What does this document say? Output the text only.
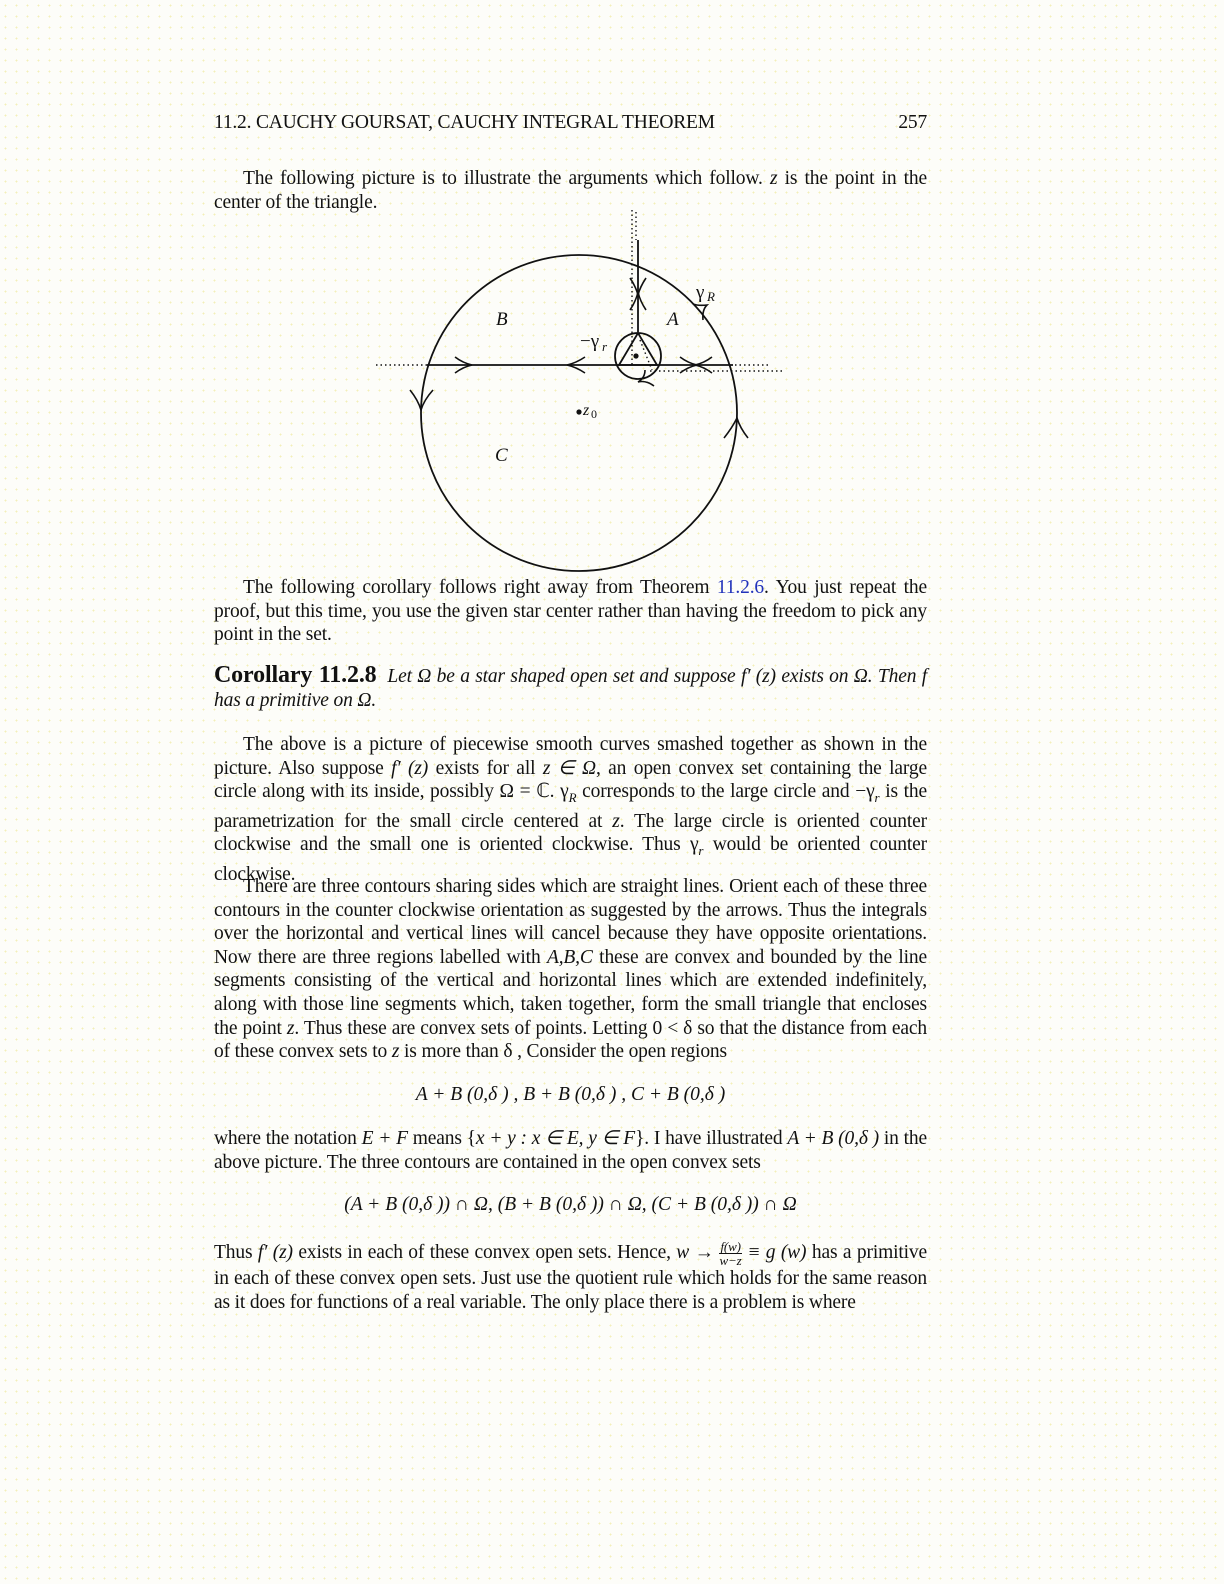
11.2. CAUCHY GOURSAT, CAUCHY INTEGRAL THEOREM	257
The following picture is to illustrate the arguments which follow. z is the point in the center of the triangle.
B	A
C
γ R
−γ r
z 0
The following corollary follows right away from Theorem 11.2.6. You just repeat the proof, but this time, you use the given star center rather than having the freedom to pick any point in the set.
Corollary 11.2.8 Let Ω be a star shaped open set and suppose f′ (z) exists on Ω. Then f has a primitive on Ω.
The above is a picture of piecewise smooth curves smashed together as shown in the picture. Also suppose f′ (z) exists for all z ∈ Ω, an open convex set containing the large circle along with its inside, possibly Ω = ℂ. $\gamma_R$ corresponds to the large circle and $-\gamma_r$ is the parametrization for the small circle centered at z. The large circle is oriented counter clockwise and the small one is oriented clockwise. Thus $\gamma_r$ would be oriented counter clockwise.
There are three contours sharing sides which are straight lines. Orient each of these three contours in the counter clockwise orientation as suggested by the arrows. Thus the integrals over the horizontal and vertical lines will cancel because they have opposite orientations. Now there are three regions labelled with A,B,C these are convex and bounded by the line segments consisting of the vertical and horizontal lines which are extended indefinitely, along with those line segments which, taken together, form the small triangle that encloses the point z. Thus these are convex sets of points. Letting 0 < δ so that the distance from each of these convex sets to z is more than δ , Consider the open regions
A + B (0,δ ) , B + B (0,δ ) , C + B (0,δ )
where the notation E + F means {x + y : x ∈ E, y ∈ F}. I have illustrated A + B (0,δ ) in the above picture. The three contours are contained in the open convex sets
(A + B (0,δ )) ∩ Ω, (B + B (0,δ )) ∩ Ω, (C + B (0,δ )) ∩ Ω
Thus f′ (z) exists in each of these convex open sets. Hence, $w \to \frac{f(w)}{w-z} \equiv g$ (w) has a primitive in each of these convex open sets. Just use the quotient rule which holds for the same reason as it does for functions of a real variable. The only place there is a problem is where
